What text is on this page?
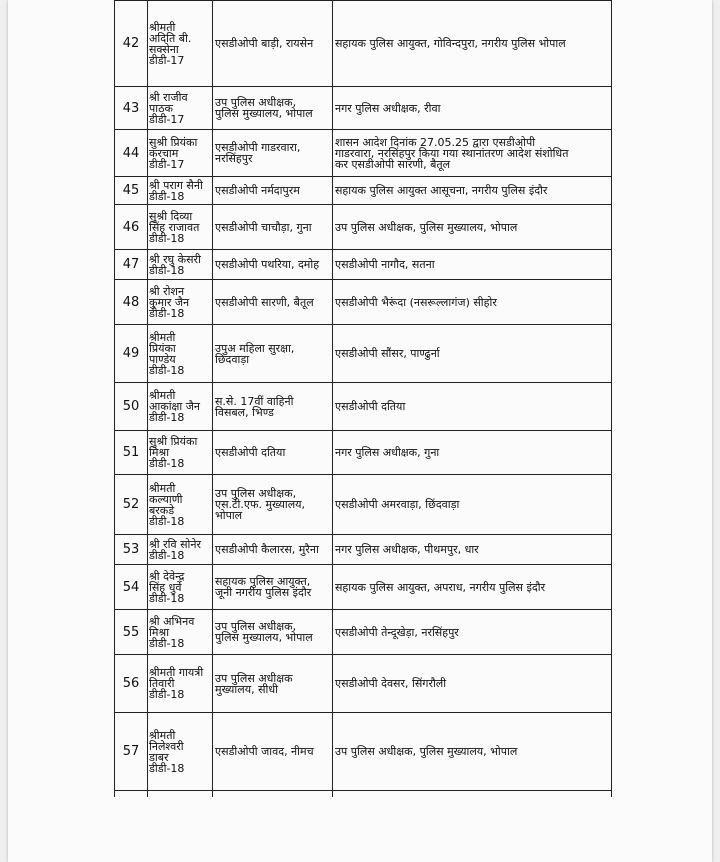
42	श्रीमती
अदिति बी.
सक्सेना
डीडी-17	एसडीओपी बाड़ी, रायसेन	सहायक पुलिस आयुक्त, गोविन्दपुरा, नगरीय पुलिस भोपाल
43	श्री राजीव
पाठक
डीडी-17	उप पुलिस अधीक्षक,
पुलिस मुख्यालय, भोपाल	नगर पुलिस अधीक्षक, रीवा
44	सुश्री प्रियंका
करचाम
डीडी-17	एसडीओपी गाडरवारा,
नरसिंहपुर	शासन आदेश दिनांक 27.05.25 द्वारा एसडीओपी
गाडरवारा, नरसिंहपुर किया गया स्थानांतरण आदेश संशोधित
कर एसडीओपी सारणी, बैतूल
45	श्री पराग सैनी
डीडी-18	एसडीओपी नर्मदापुरम	सहायक पुलिस आयुक्त आसूचना, नगरीय पुलिस इंदौर
46	सुश्री दिव्या
सिंह राजावत
डीडी-18	एसडीओपी चाचौड़ा, गुना	उप पुलिस अधीक्षक, पुलिस मुख्यालय, भोपाल
47	श्री रघु केसरी
डीडी-18	एसडीओपी पथरिया, दमोह	एसडीओपी नागौद, सतना
48	श्री रोशन
कुमार जैन
डीडी-18	एसडीओपी सारणी, बैतूल	एसडीओपी भैरूंदा (नसरूल्लागंज) सीहोर
49	श्रीमती
प्रियंका
पाण्डेय
डीडी-18	उपुअ महिला सुरक्षा,
छिंदवाड़ा	एसडीओपी सौंसर, पाण्ढुर्ना
50	श्रीमती
आकांक्षा जैन
डीडी-18	स.से. 17वीं वाहिनी
विसबल, भिण्ड	एसडीओपी दतिया
51	सुश्री प्रियंका
मिश्रा
डीडी-18	एसडीओपी दतिया	नगर पुलिस अधीक्षक, गुना
52	श्रीमती
कल्याणी
बरकडे
डीडी-18	उप पुलिस अधीक्षक,
एस.टी.एफ. मुख्यालय,
भोपाल	एसडीओपी अमरवाड़ा, छिंदवाड़ा
53	श्री रवि सोनेर
डीडी-18	एसडीओपी कैलारस, मुरैना	नगर पुलिस अधीक्षक, पीथमपुर, धार
54	श्री देवेन्द्र
सिंह धुर्वे
डीडी-18	सहायक पुलिस आयुक्त,
जूनी नगरीय पुलिस इंदौर	सहायक पुलिस आयुक्त, अपराध, नगरीय पुलिस इंदौर
55	श्री अभिनव
मिश्रा
डीडी-18	उप पुलिस अधीक्षक,
पुलिस मुख्यालय, भोपाल	एसडीओपी तेन्दूखेड़ा, नरसिंहपुर
56	श्रीमती गायत्री
तिवारी
डीडी-18	उप पुलिस अधीक्षक
मुख्यालय, सीधी	एसडीओपी देवसर, सिंगरौली
57	श्रीमती
निलेश्वरी
डाबर
डीडी-18	एसडीओपी जावद, नीमच	उप पुलिस अधीक्षक, पुलिस मुख्यालय, भोपाल
